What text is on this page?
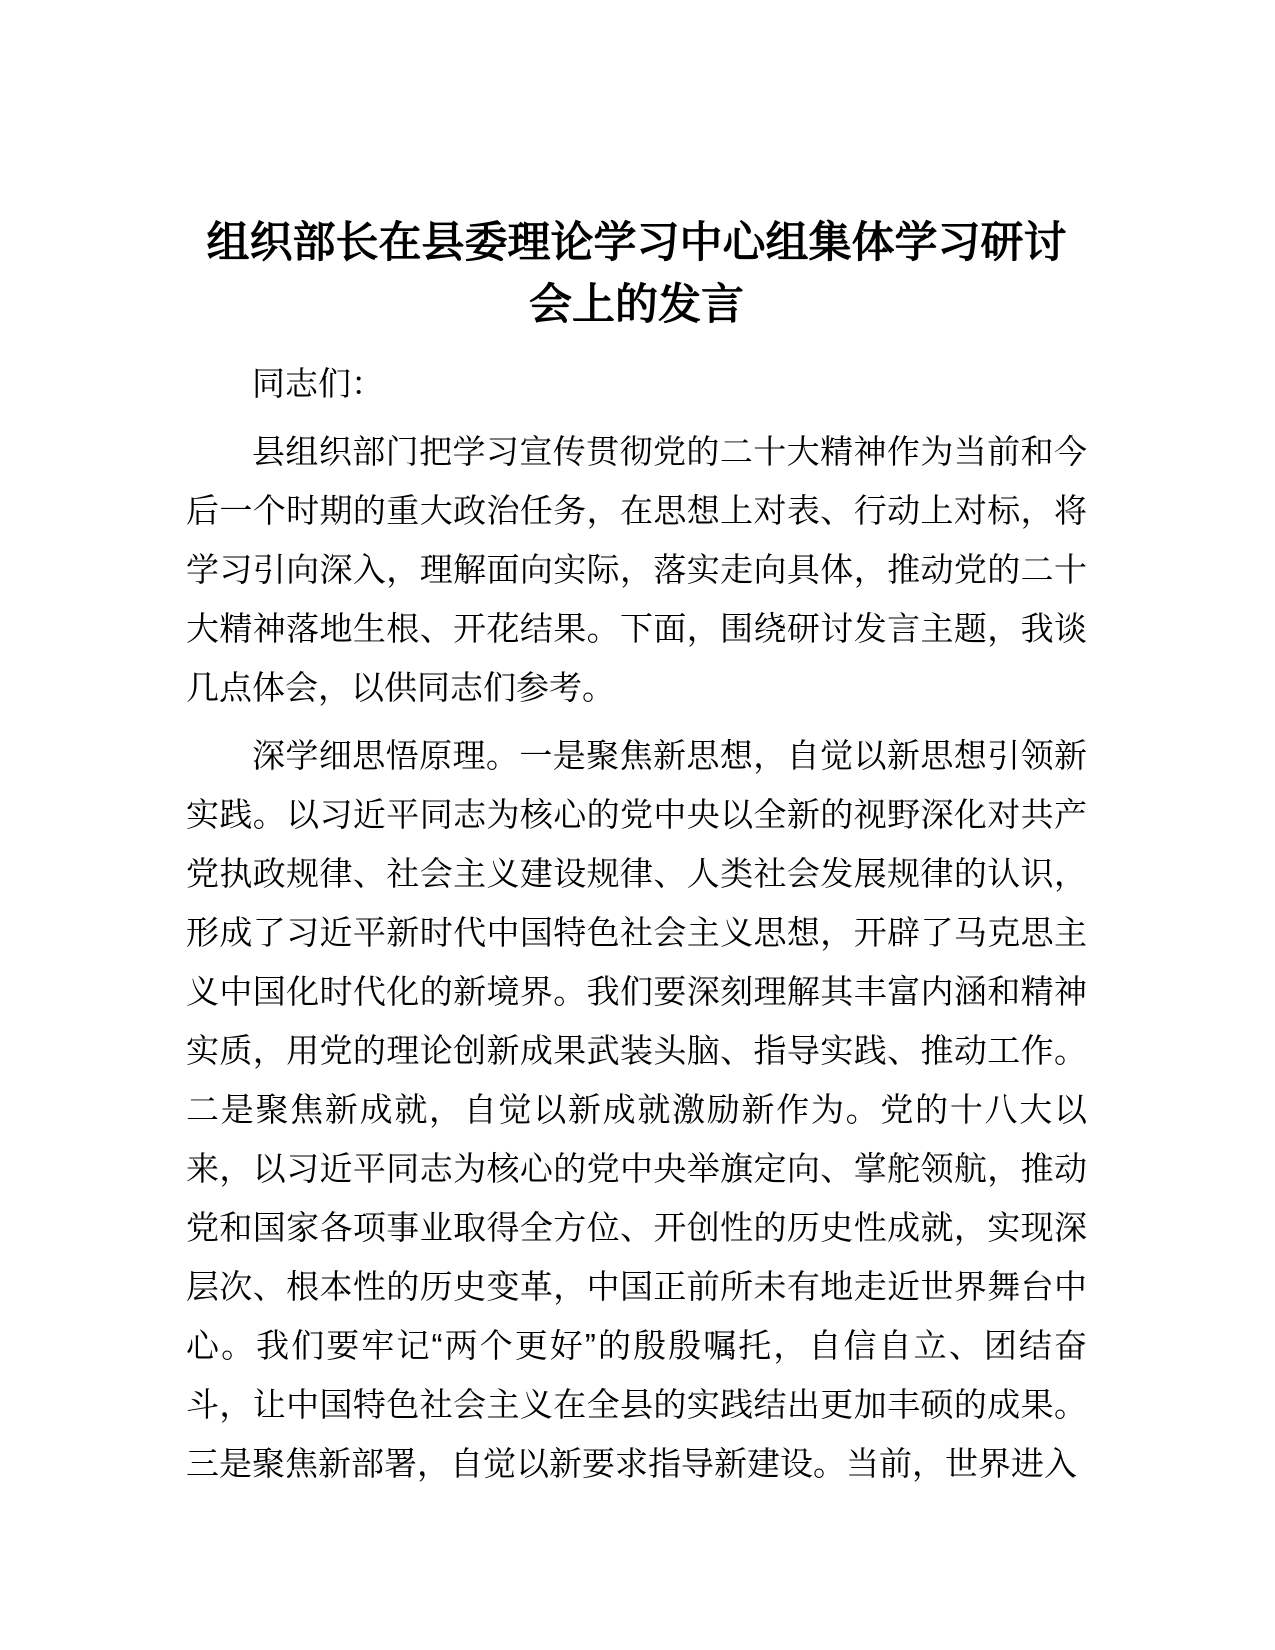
组织部长在县委理论学习中心组集体学习研讨会上的发言

同志们：

县组织部门把学习宣传贯彻党的二十大精神作为当前和今后一个时期的重大政治任务，在思想上对表、行动上对标，将学习引向深入，理解面向实际，落实走向具体，推动党的二十大精神落地生根、开花结果。下面，围绕研讨发言主题，我谈几点体会，以供同志们参考。

深学细思悟原理。一是聚焦新思想，自觉以新思想引领新实践。以习近平同志为核心的党中央以全新的视野深化对共产党执政规律、社会主义建设规律、人类社会发展规律的认识，形成了习近平新时代中国特色社会主义思想，开辟了马克思主义中国化时代化的新境界。我们要深刻理解其丰富内涵和精神实质，用党的理论创新成果武装头脑、指导实践、推动工作。二是聚焦新成就，自觉以新成就激励新作为。党的十八大以来，以习近平同志为核心的党中央举旗定向、掌舵领航，推动党和国家各项事业取得全方位、开创性的历史性成就，实现深层次、根本性的历史变革，中国正前所未有地走近世界舞台中心。我们要牢记“两个更好”的殷殷嘱托，自信自立、团结奋斗，让中国特色社会主义在全县的实践结出更加丰硕的成果。三是聚焦新部署，自觉以新要求指导新建设。当前，世界进入
